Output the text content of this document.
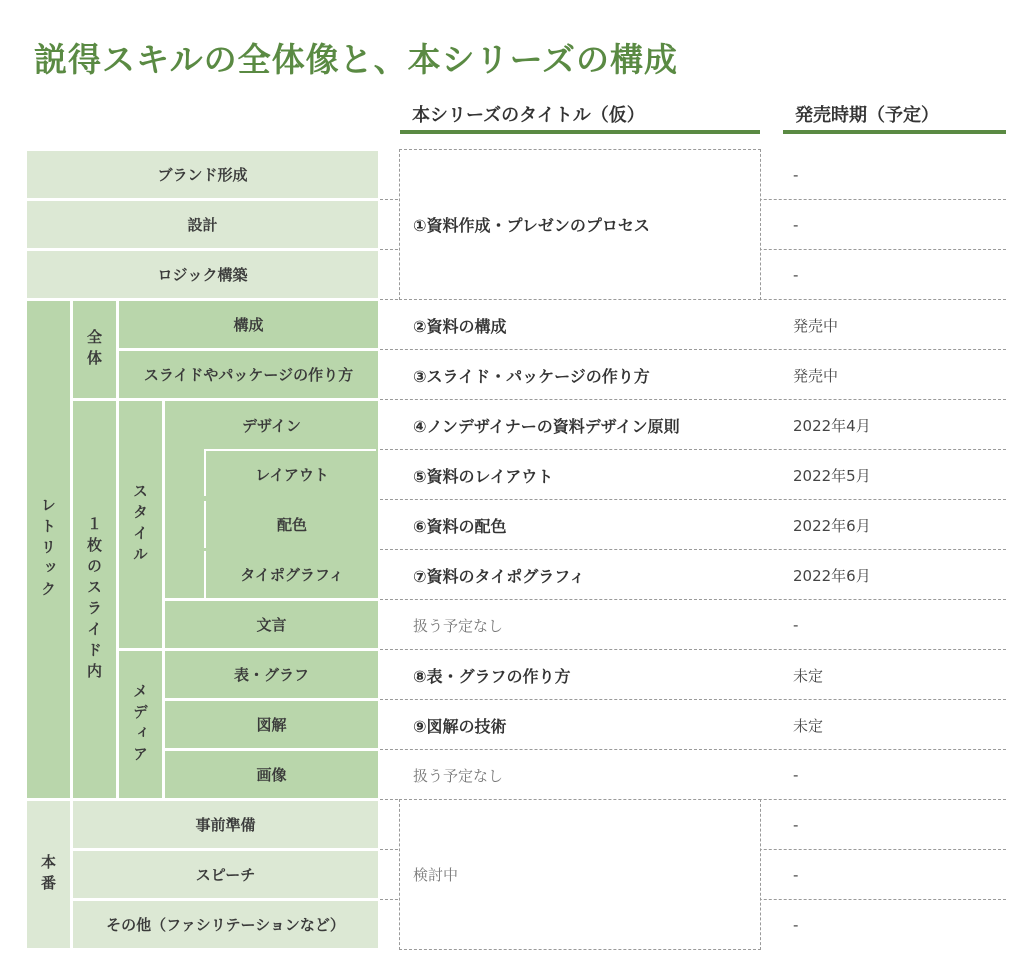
説得スキルの全体像と、本シリーズの構成
本シリーズのタイトル（仮）	発売時期（予定）
ブランド形成
設計
ロジック構築
レトリック
全体
構成
スライドやパッケージの作り方
１枚のスライド内	スタイル
デザイン
レイアウト
配色
タイポグラフィ
文言
メディア
表・グラフ
図解
画像
本番
事前準備
スピーチ
その他（ファシリテーションなど）
①資料作成・プレゼンのプロセス
②資料の構成
③スライド・パッケージの作り方
④ノンデザイナーの資料デザイン原則
⑤資料のレイアウト
⑥資料の配色
⑦資料のタイポグラフィ
扱う予定なし
⑧表・グラフの作り方
⑨図解の技術
扱う予定なし
検討中
-
-
-
発売中
発売中
2022年4月
2022年5月
2022年6月
2022年6月
-
未定
未定
-
-
-
-
